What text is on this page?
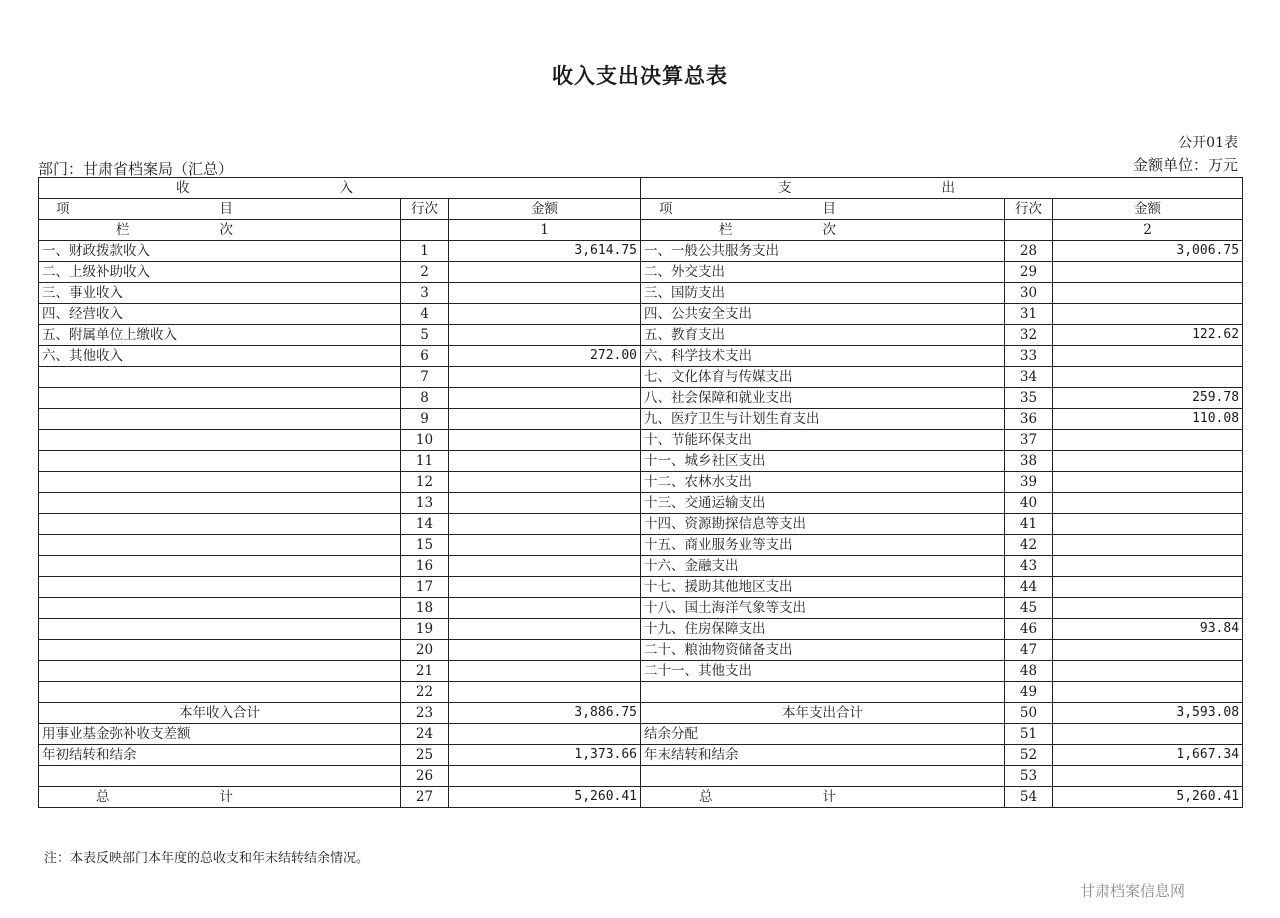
收入支出决算总表
公开01表
部门：甘肃省档案局（汇总）	金额单位：万元
收入			支出		
项目	行次	金额	项目	行次	金额
栏次		1	栏次		2
一、财政拨款收入	1	3,614.75	一、一般公共服务支出	28	3,006.75
二、上级补助收入	2		二、外交支出	29	
三、事业收入	3		三、国防支出	30	
四、经营收入	4		四、公共安全支出	31	
五、附属单位上缴收入	5		五、教育支出	32	122.62
六、其他收入	6	272.00	六、科学技术支出	33	
	7		七、文化体育与传媒支出	34	
	8		八、社会保障和就业支出	35	259.78
	9		九、医疗卫生与计划生育支出	36	110.08
	10		十、节能环保支出	37	
	11		十一、城乡社区支出	38	
	12		十二、农林水支出	39	
	13		十三、交通运输支出	40	
	14		十四、资源勘探信息等支出	41	
	15		十五、商业服务业等支出	42	
	16		十六、金融支出	43	
	17		十七、援助其他地区支出	44	
	18		十八、国土海洋气象等支出	45	
	19		十九、住房保障支出	46	93.84
	20		二十、粮油物资储备支出	47	
	21		二十一、其他支出	48	
	22			49	
本年收入合计	23	3,886.75	本年支出合计	50	3,593.08
用事业基金弥补收支差额	24		结余分配	51	
年初结转和结余	25	1,373.66	年末结转和结余	52	1,667.34
	26			53	
总计	27	5,260.41	总计	54	5,260.41
注：本表反映部门本年度的总收支和年末结转结余情况。
甘肃档案信息网
